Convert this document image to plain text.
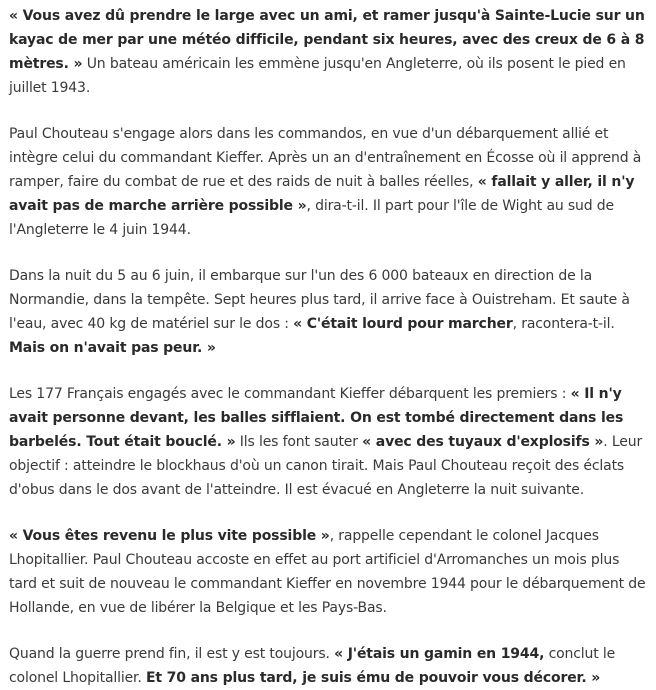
« Vous avez dû prendre le large avec un ami, et ramer jusqu'à Sainte-Lucie sur un kayac de mer par une météo difficile, pendant six heures, avec des creux de 6 à 8 mètres. » Un bateau américain les emmène jusqu'en Angleterre, où ils posent le pied en juillet 1943.

Paul Chouteau s'engage alors dans les commandos, en vue d'un débarquement allié et intègre celui du commandant Kieffer. Après un an d'entraînement en Écosse où il apprend à ramper, faire du combat de rue et des raids de nuit à balles réelles, « fallait y aller, il n'y avait pas de marche arrière possible », dira-t-il. Il part pour l'île de Wight au sud de l'Angleterre le 4 juin 1944.

Dans la nuit du 5 au 6 juin, il embarque sur l'un des 6 000 bateaux en direction de la Normandie, dans la tempête. Sept heures plus tard, il arrive face à Ouistreham. Et saute à l'eau, avec 40 kg de matériel sur le dos : « C'était lourd pour marcher, racontera-t-il. Mais on n'avait pas peur. »

Les 177 Français engagés avec le commandant Kieffer débarquent les premiers : « Il n'y avait personne devant, les balles sifflaient. On est tombé directement dans les barbelés. Tout était bouclé. » Ils les font sauter « avec des tuyaux d'explosifs ». Leur objectif : atteindre le blockhaus d'où un canon tirait. Mais Paul Chouteau reçoit des éclats d'obus dans le dos avant de l'atteindre. Il est évacué en Angleterre la nuit suivante.

« Vous êtes revenu le plus vite possible », rappelle cependant le colonel Jacques Lhopitallier. Paul Chouteau accoste en effet au port artificiel d'Arromanches un mois plus tard et suit de nouveau le commandant Kieffer en novembre 1944 pour le débarquement de Hollande, en vue de libérer la Belgique et les Pays-Bas.

Quand la guerre prend fin, il est y est toujours. « J'étais un gamin en 1944, conclut le colonel Lhopitallier. Et 70 ans plus tard, je suis ému de pouvoir vous décorer. »
